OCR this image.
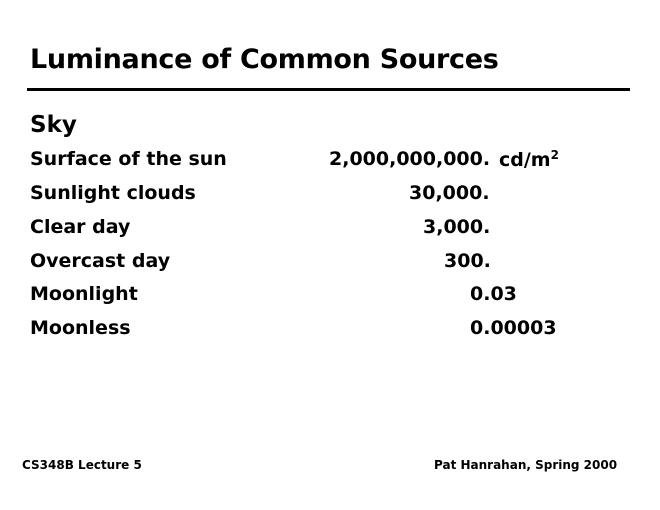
Luminance of Common Sources
Sky
Surface of the sun	2,000,000,000. $cd/m^2$
Sunlight clouds	30,000.
Clear day	3,000.
Overcast day	300.
Moonlight	0.03
Moonless	0.00003
CS348B Lecture 5	Pat Hanrahan, Spring 2000
